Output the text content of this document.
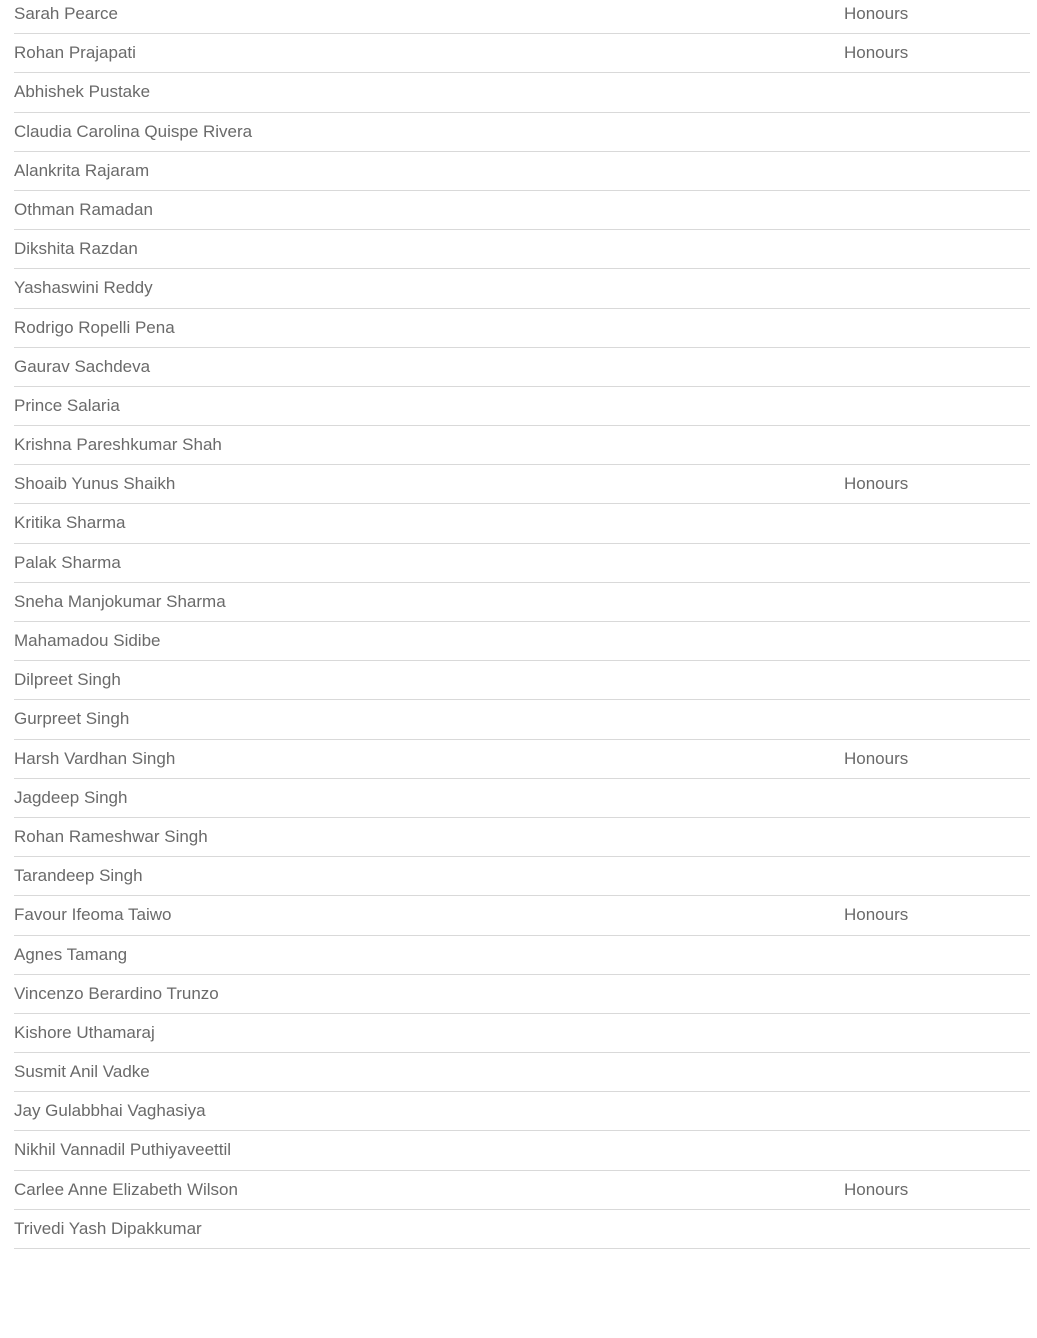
Sarah Pearce	Honours
Rohan Prajapati	Honours
Abhishek Pustake
Claudia Carolina Quispe Rivera
Alankrita Rajaram
Othman Ramadan
Dikshita Razdan
Yashaswini Reddy
Rodrigo Ropelli Pena
Gaurav Sachdeva
Prince Salaria
Krishna Pareshkumar Shah
Shoaib Yunus Shaikh	Honours
Kritika Sharma
Palak Sharma
Sneha Manjokumar Sharma
Mahamadou Sidibe
Dilpreet Singh
Gurpreet Singh
Harsh Vardhan Singh	Honours
Jagdeep Singh
Rohan Rameshwar Singh
Tarandeep Singh
Favour Ifeoma Taiwo	Honours
Agnes Tamang
Vincenzo Berardino Trunzo
Kishore Uthamaraj
Susmit Anil Vadke
Jay Gulabbhai Vaghasiya
Nikhil Vannadil Puthiyaveettil
Carlee Anne Elizabeth Wilson	Honours
Trivedi Yash Dipakkumar
